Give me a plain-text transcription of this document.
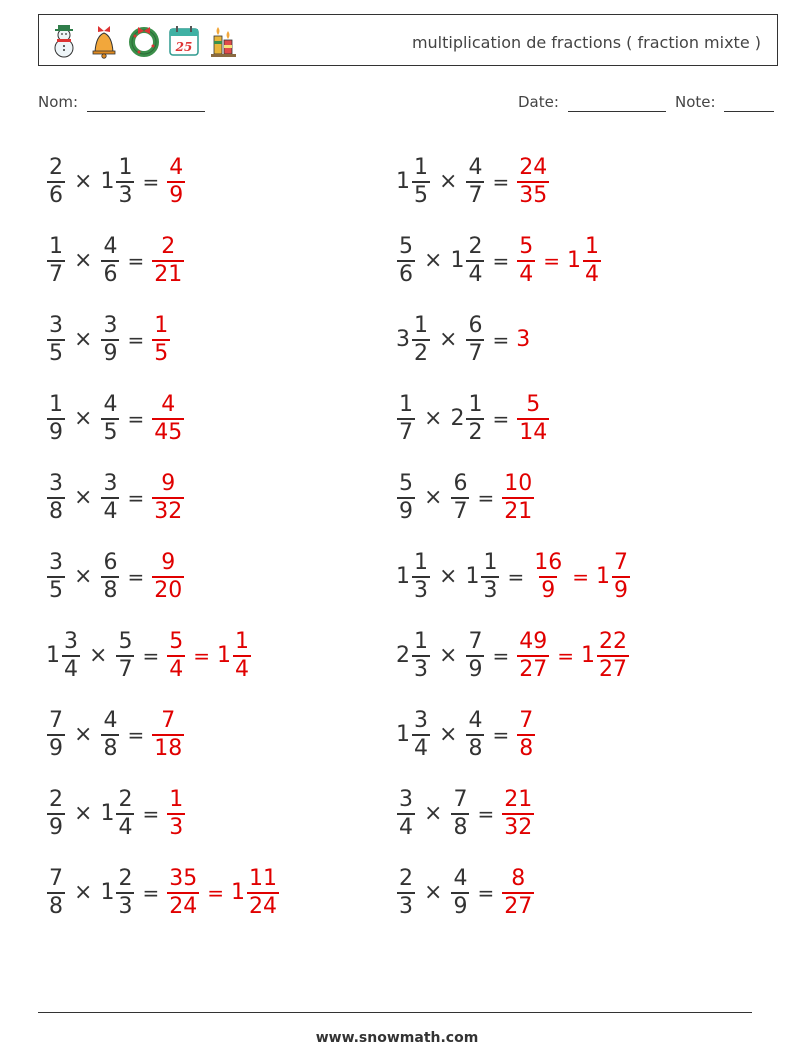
25	multiplication de fractions ( fraction mixte )
Nom:	Date:	Note:
$\frac{2}{6} \times 1 \frac{1}{3} = \frac{4}{9}$	$1 \frac{1}{5} \times \frac{4}{7} = \frac{24}{35}$
$\frac{1}{7} \times \frac{4}{6} = \frac{2}{21}$	$\frac{5}{6} \times 1 \frac{2}{4} = \frac{5}{4} = 1 \frac{1}{4}$
$\frac{3}{5} \times \frac{3}{9} = \frac{1}{5}$	$3 \frac{1}{2} \times \frac{6}{7} = 3$
$\frac{1}{9} \times \frac{4}{5} = \frac{4}{45}$	$\frac{1}{7} \times 2 \frac{1}{2} = \frac{5}{14}$
$\frac{3}{8} \times \frac{3}{4} = \frac{9}{32}$	$\frac{5}{9} \times \frac{6}{7} = \frac{10}{21}$
$\frac{3}{5} \times \frac{6}{8} = \frac{9}{20}$	$1 \frac{1}{3} \times 1 \frac{1}{3} = \frac{16}{9} = 1 \frac{7}{9}$
$1 \frac{3}{4} \times \frac{5}{7} = \frac{5}{4} = 1 \frac{1}{4}$	$2 \frac{1}{3} \times \frac{7}{9} = \frac{49}{27} = 1 \frac{22}{27}$
$\frac{7}{9} \times \frac{4}{8} = \frac{7}{18}$	$1 \frac{3}{4} \times \frac{4}{8} = \frac{7}{8}$
$\frac{2}{9} \times 1 \frac{2}{4} = \frac{1}{3}$	$\frac{3}{4} \times \frac{7}{8} = \frac{21}{32}$
$\frac{7}{8} \times 1 \frac{2}{3} = \frac{35}{24} = 1 \frac{11}{24}$	$\frac{2}{3} \times \frac{4}{9} = \frac{8}{27}$
www.snowmath.com
